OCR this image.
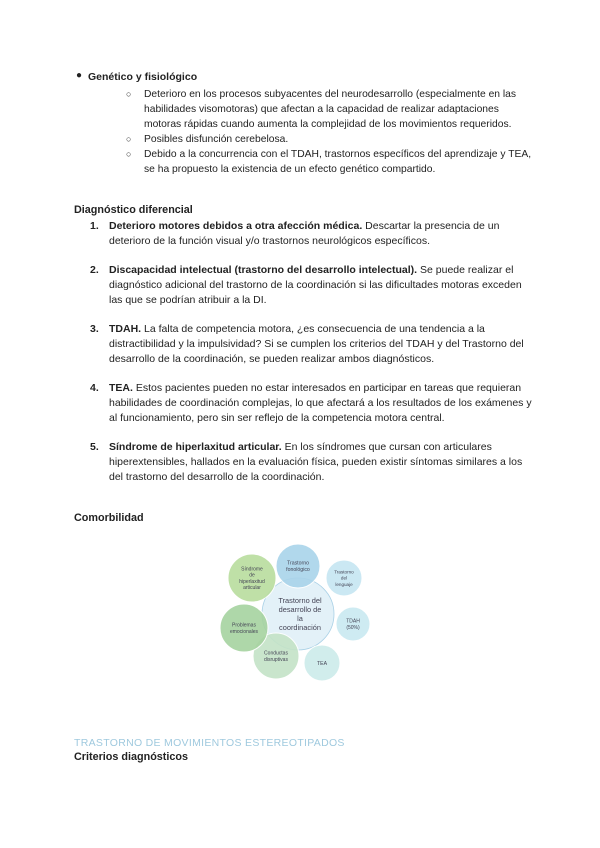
● Genético y fisiológico

○ Deterioro en los procesos subyacentes del neurodesarrollo (especialmente en las habilidades visomotoras) que afectan a la capacidad de realizar adaptaciones motoras rápidas cuando aumenta la complejidad de los movimientos requeridos.

○ Posibles disfunción cerebelosa.

○ Debido a la concurrencia con el TDAH, trastornos específicos del aprendizaje y TEA, se ha propuesto la existencia de un efecto genético compartido.

Diagnóstico diferencial

1. Deterioro motores debidos a otra afección médica. Descartar la presencia de un deterioro de la función visual y/o trastornos neurológicos específicos.

2. Discapacidad intelectual (trastorno del desarrollo intelectual). Se puede realizar el diagnóstico adicional del trastorno de la coordinación si las dificultades motoras exceden las que se podrían atribuir a la DI.

3. TDAH. La falta de competencia motora, ¿es consecuencia de una tendencia a la distractibilidad y la impulsividad? Si se cumplen los criterios del TDAH y del Trastorno del desarrollo de la coordinación, se pueden realizar ambos diagnósticos.

4. TEA. Estos pacientes pueden no estar interesados en participar en tareas que requieran habilidades de coordinación complejas, lo que afectará a los resultados de los exámenes y al funcionamiento, pero sin ser reflejo de la competencia motora central.

5. Síndrome de hiperlaxitud articular. En los síndromes que cursan con articulares hiperextensibles, hallados en la evaluación física, pueden existir síntomas similares a los del trastorno del desarrollo de la coordinación.

Comorbilidad
Trastorno
fonológico	Trastorno
del
lenguaje
TDAH
(50%)
TEA
Conductas
disruptivas
Problemas
emocionales
Síndrome
de
hiperlaxitud
articular
Trastorno del
desarrollo de
la
coordinación
TRASTORNO DE MOVIMIENTOS ESTEREOTIPADOS
Criterios diagnósticos
